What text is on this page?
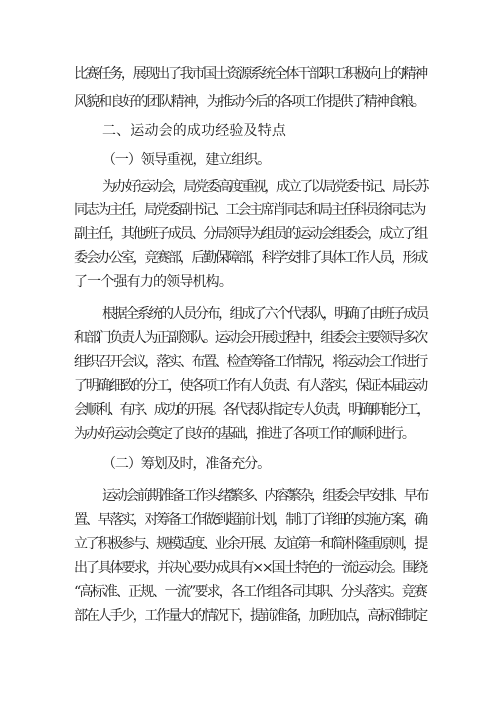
比赛任务，展现出了我市国土资源系统全体干部职工积极向上的精神
风貌和良好的团队精神，为推动今后的各项工作提供了精神食粮。
二、运动会的成功经验及特点
（一）领导重视，建立组织。
为办好运动会，局党委高度重视，成立了以局党委书记、局长苏
同志为主任，局党委副书记、工会主席肖同志和局主任科员徐同志为
副主任，其他班子成员、分局领导为组员的运动会组委会，成立了组
委会办公室，竞赛部，后勤保障部，科学安排了具体工作人员，形成
了一个强有力的领导机构。
根据全系统的人员分布，组成了六个代表队，明确了由班子成员
和部门负责人为正副领队。运动会开展过程中，组委会主要领导多次
组织召开会议，落实、布置、检查筹备工作情况，将运动会工作进行
了明确细致的分工，使各项工作有人负责、有人落实，保证本届运动
会顺利、有序、成功的开展。各代表队指定专人负责，明确职能分工，
为办好运动会奠定了良好的基础，推进了各项工作的顺利进行。
（二）筹划及时，准备充分。
运动会前期准备工作头绪繁多、内容繁杂，组委会早安排、早布
置、早落实，对筹备工作做到超前计划，制订了详细的实施方案，确
立了积极参与、规模适度、业余开展、友谊第一和简朴隆重原则，提
出了具体要求，并决心要办成具有××国土特色的一流运动会。围绕
“高标准、正规、一流”要求，各工作组各司其职、分头落实。竞赛
部在人手少，工作量大的情况下，提前准备，加班加点，高标准制定
